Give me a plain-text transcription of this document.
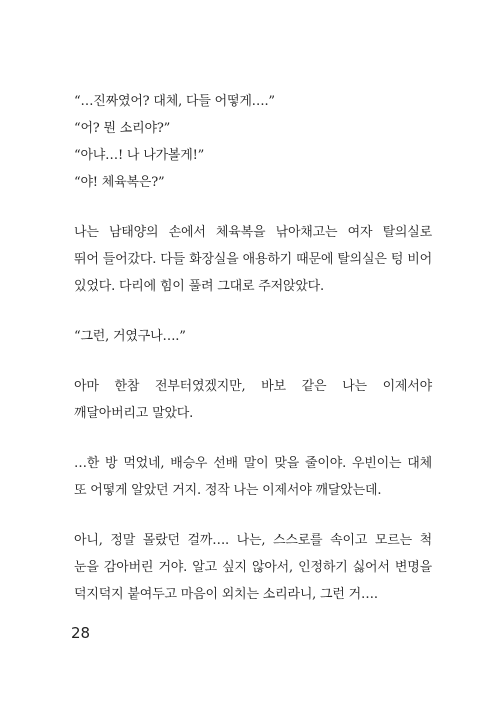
“…진짜였어? 대체, 다들 어떻게….”
“어? 뭔 소리야?”
“아냐…! 나 나가볼게!”
“야! 체육복은?”

나는 남태양의 손에서 체육복을 낚아채고는 여자 탈의실로
뛰어 들어갔다. 다들 화장실을 애용하기 때문에 탈의실은 텅 비어
있었다. 다리에 힘이 풀려 그대로 주저앉았다.

“그런, 거였구나….”

아마 한참 전부터였겠지만, 바보 같은 나는 이제서야
깨달아버리고 말았다.

…한 방 먹었네, 배승우 선배 말이 맞을 줄이야. 우빈이는 대체
또 어떻게 알았던 거지. 정작 나는 이제서야 깨달았는데.

아니, 정말 몰랐던 걸까…. 나는, 스스로를 속이고 모르는 척
눈을 감아버린 거야. 알고 싶지 않아서, 인정하기 싫어서 변명을
덕지덕지 붙여두고 마음이 외치는 소리라니, 그런 거….

28
